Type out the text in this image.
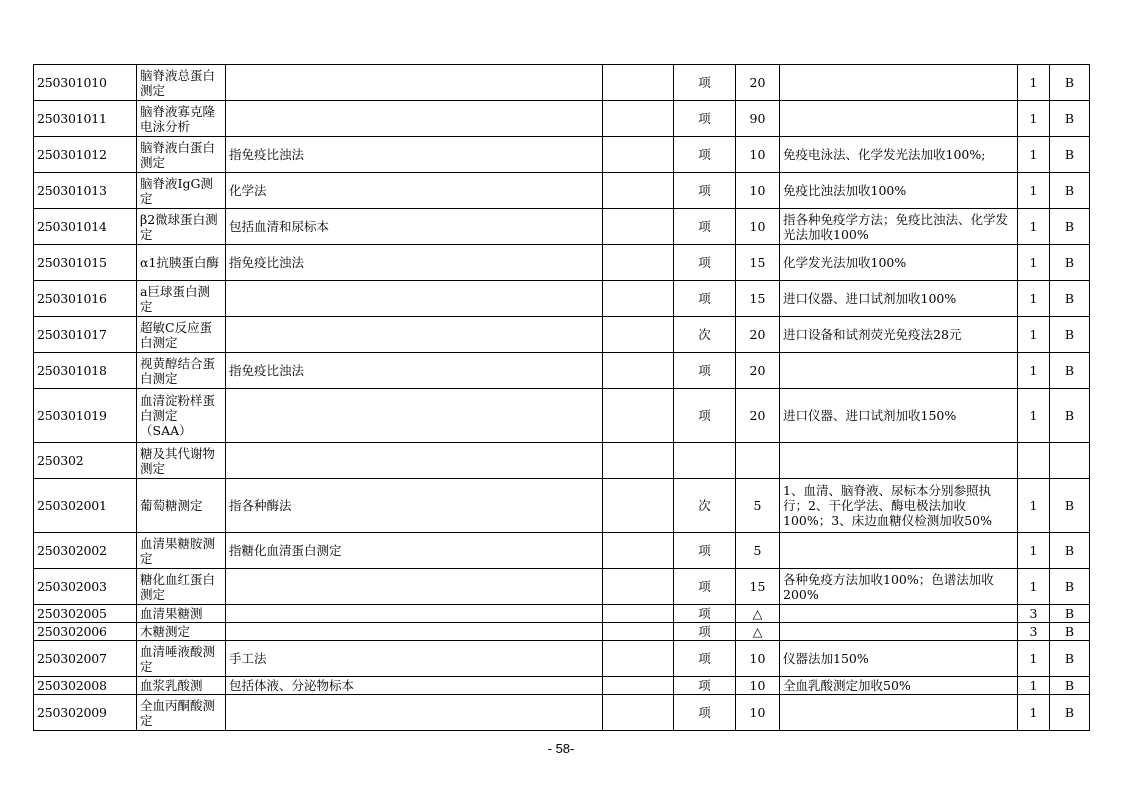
250301010	脑脊液总蛋白测定			项	20		1	B
250301011	脑脊液寡克隆电泳分析			项	90		1	B
250301012	脑脊液白蛋白测定	指免疫比浊法		项	10	免疫电泳法、化学发光法加收100%;	1	B
250301013	脑脊液IgG测定	化学法		项	10	免疫比浊法加收100%	1	B
250301014	β2微球蛋白测定	包括血清和尿标本		项	10	指各种免疫学方法；免疫比浊法、化学发光法加收100%	1	B
250301015	α1抗胰蛋白酶	指免疫比浊法		项	15	化学发光法加收100%	1	B
250301016	a巨球蛋白测定			项	15	进口仪器、进口试剂加收100%	1	B
250301017	超敏C反应蛋白测定			次	20	进口设备和试剂荧光免疫法28元	1	B
250301018	视黄醇结合蛋白测定	指免疫比浊法		项	20		1	B
250301019	血清淀粉样蛋白测定（SAA）			项	20	进口仪器、进口试剂加收150%	1	B
250302	糖及其代谢物测定							
250302001	葡萄糖测定	指各种酶法		次	5	1、血清、脑脊液、尿标本分别参照执行；2、干化学法、酶电极法加收100%；3、床边血糖仪检测加收50%	1	B
250302002	血清果糖胺测定	指糖化血清蛋白测定		项	5		1	B
250302003	糖化血红蛋白测定			项	15	各种免疫方法加收100%；色谱法加收200%	1	B
250302005	血清果糖测			项	△		3	B
250302006	木糖测定			项	△		3	B
250302007	血清唾液酸测定	手工法		项	10	仪器法加150%	1	B
250302008	血浆乳酸测	包括体液、分泌物标本		项	10	全血乳酸测定加收50%	1	B
250302009	全血丙酮酸测定			项	10		1	B
- 58-
